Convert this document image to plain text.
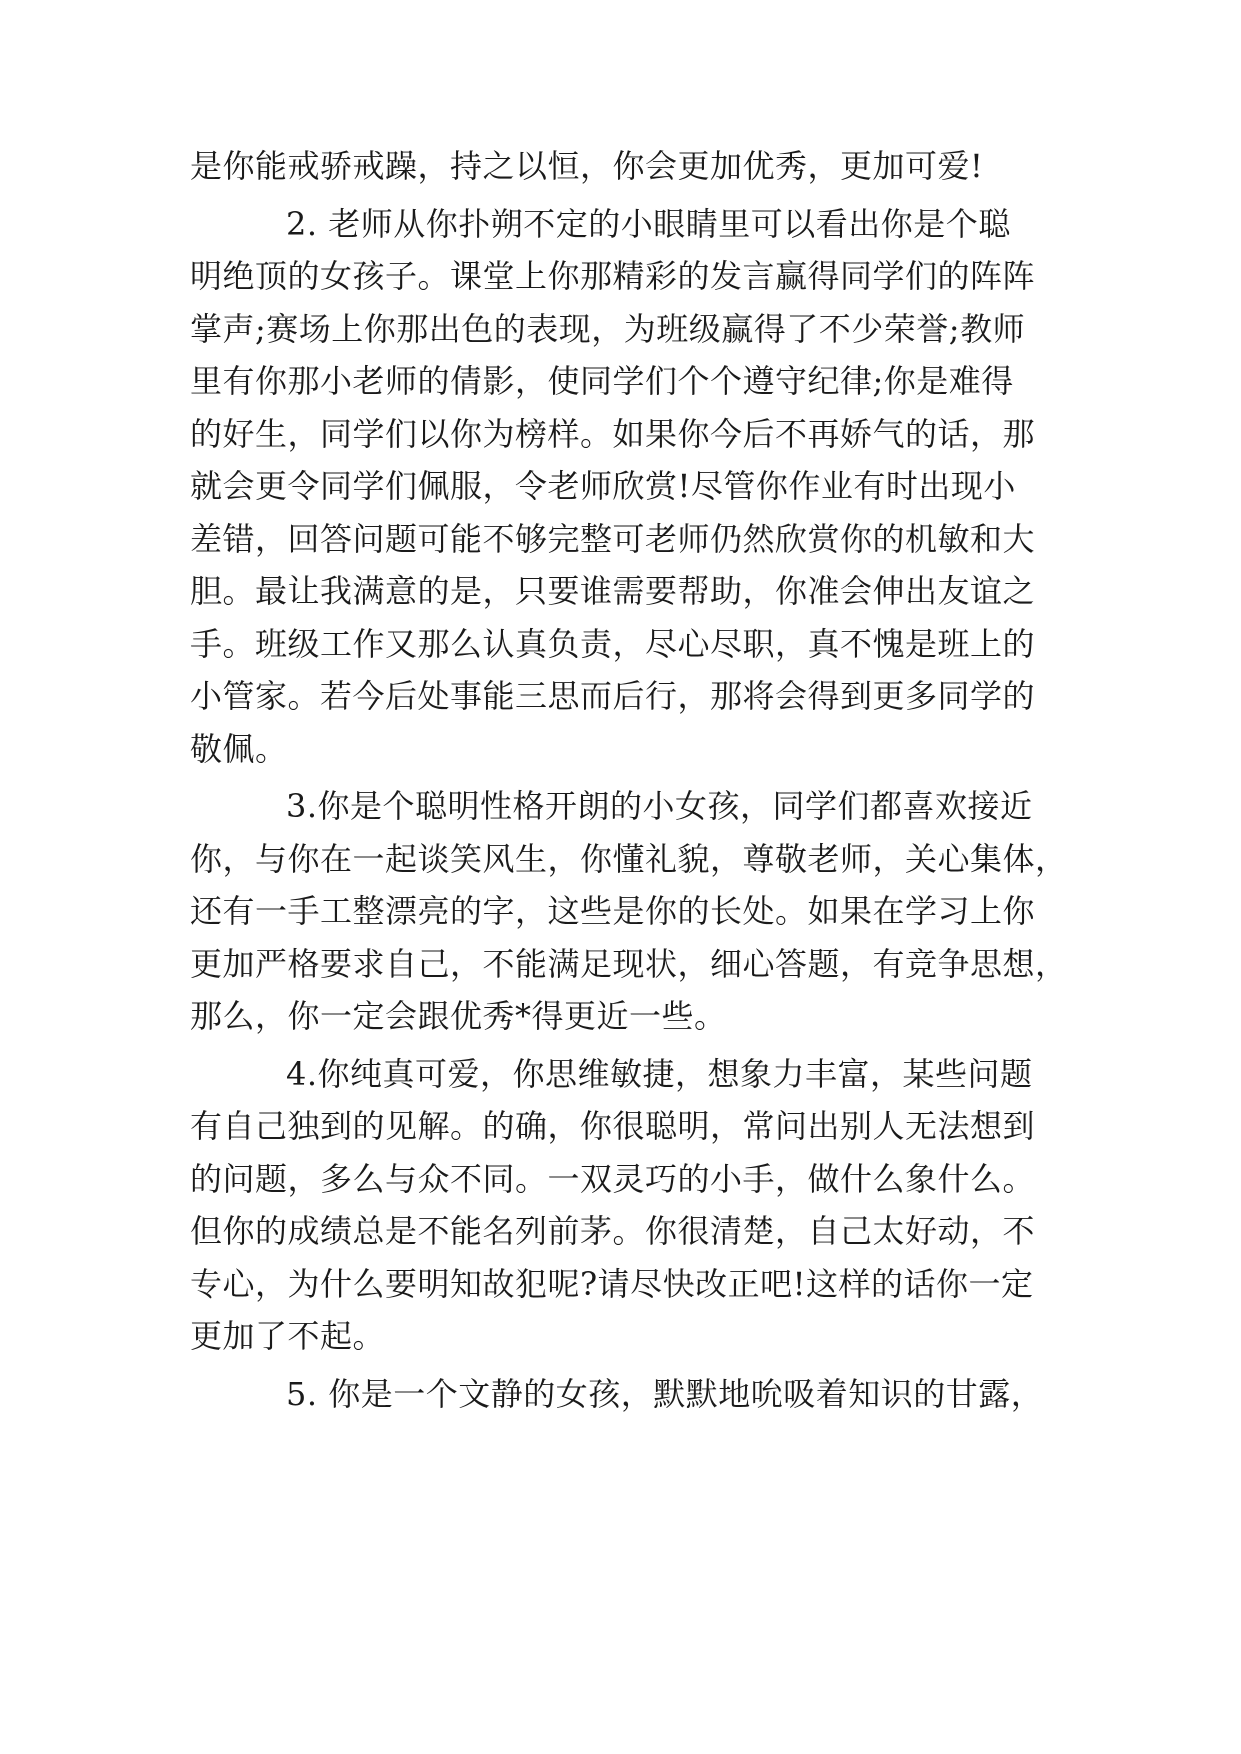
是你能戒骄戒躁，持之以恒，你会更加优秀，更加可爱!
2. 老师从你扑朔不定的小眼睛里可以看出你是个聪
明绝顶的女孩子。课堂上你那精彩的发言赢得同学们的阵阵
掌声;赛场上你那出色的表现，为班级赢得了不少荣誉;教师
里有你那小老师的倩影，使同学们个个遵守纪律;你是难得
的好生，同学们以你为榜样。如果你今后不再娇气的话，那
就会更令同学们佩服，令老师欣赏!尽管你作业有时出现小
差错，回答问题可能不够完整可老师仍然欣赏你的机敏和大
胆。最让我满意的是，只要谁需要帮助，你准会伸出友谊之
手。班级工作又那么认真负责，尽心尽职，真不愧是班上的
小管家。若今后处事能三思而后行，那将会得到更多同学的
敬佩。
3.你是个聪明性格开朗的小女孩，同学们都喜欢接近
你，与你在一起谈笑风生，你懂礼貌，尊敬老师，关心集体，
还有一手工整漂亮的字，这些是你的长处。如果在学习上你
更加严格要求自己，不能满足现状，细心答题，有竞争思想，
那么，你一定会跟优秀*得更近一些。
4.你纯真可爱，你思维敏捷，想象力丰富，某些问题
有自己独到的见解。的确，你很聪明，常问出别人无法想到
的问题，多么与众不同。一双灵巧的小手，做什么象什么。
但你的成绩总是不能名列前茅。你很清楚，自己太好动，不
专心，为什么要明知故犯呢?请尽快改正吧!这样的话你一定
更加了不起。
5. 你是一个文静的女孩，默默地吮吸着知识的甘露，
